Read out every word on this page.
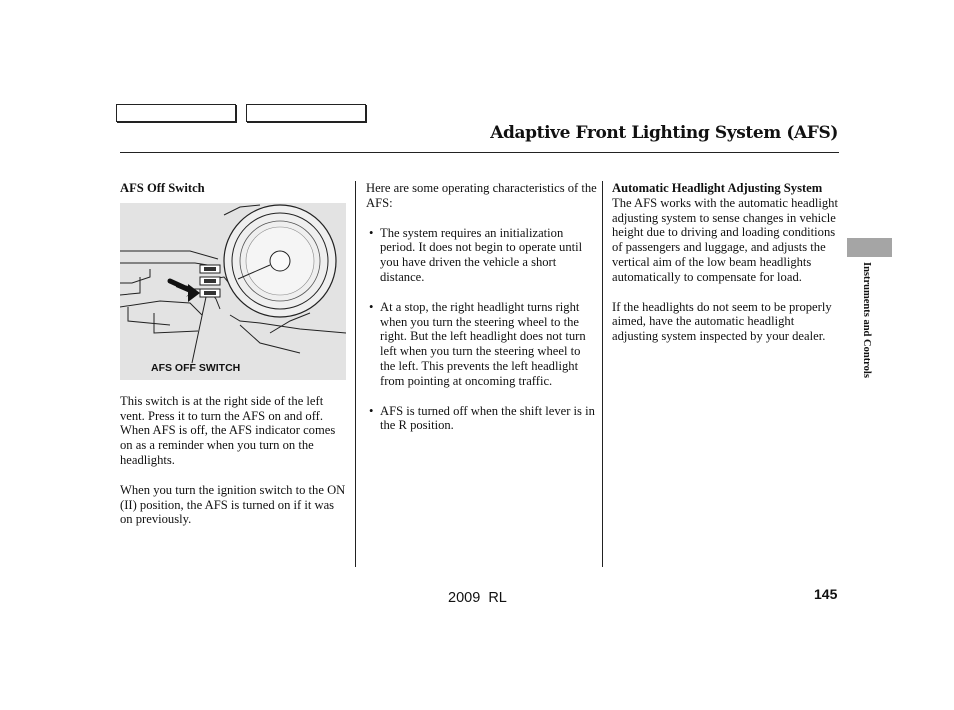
Adaptive Front Lighting System (AFS)

AFS Off Switch

AFS OFF SWITCH

This switch is at the right side of the left vent. Press it to turn the AFS on and off. When AFS is off, the AFS indicator comes on as a reminder when you turn on the headlights.

When you turn the ignition switch to the ON (II) position, the AFS is turned on if it was on previously.

Here are some operating characteristics of the AFS:

• The system requires an initialization period. It does not begin to operate until you have driven the vehicle a short distance.

• At a stop, the right headlight turns right when you turn the steering wheel to the right. But the left headlight does not turn left when you turn the steering wheel to the left. This prevents the left headlight from pointing at oncoming traffic.

• AFS is turned off when the shift lever is in the R position.

Automatic Headlight Adjusting System

The AFS works with the automatic headlight adjusting system to sense changes in vehicle height due to driving and loading conditions of passengers and luggage, and adjusts the vertical aim of the low beam headlights automatically to compensate for load.

If the headlights do not seem to be properly aimed, have the automatic headlight adjusting system inspected by your dealer.	Instruments and Controls
2009  RL	145
